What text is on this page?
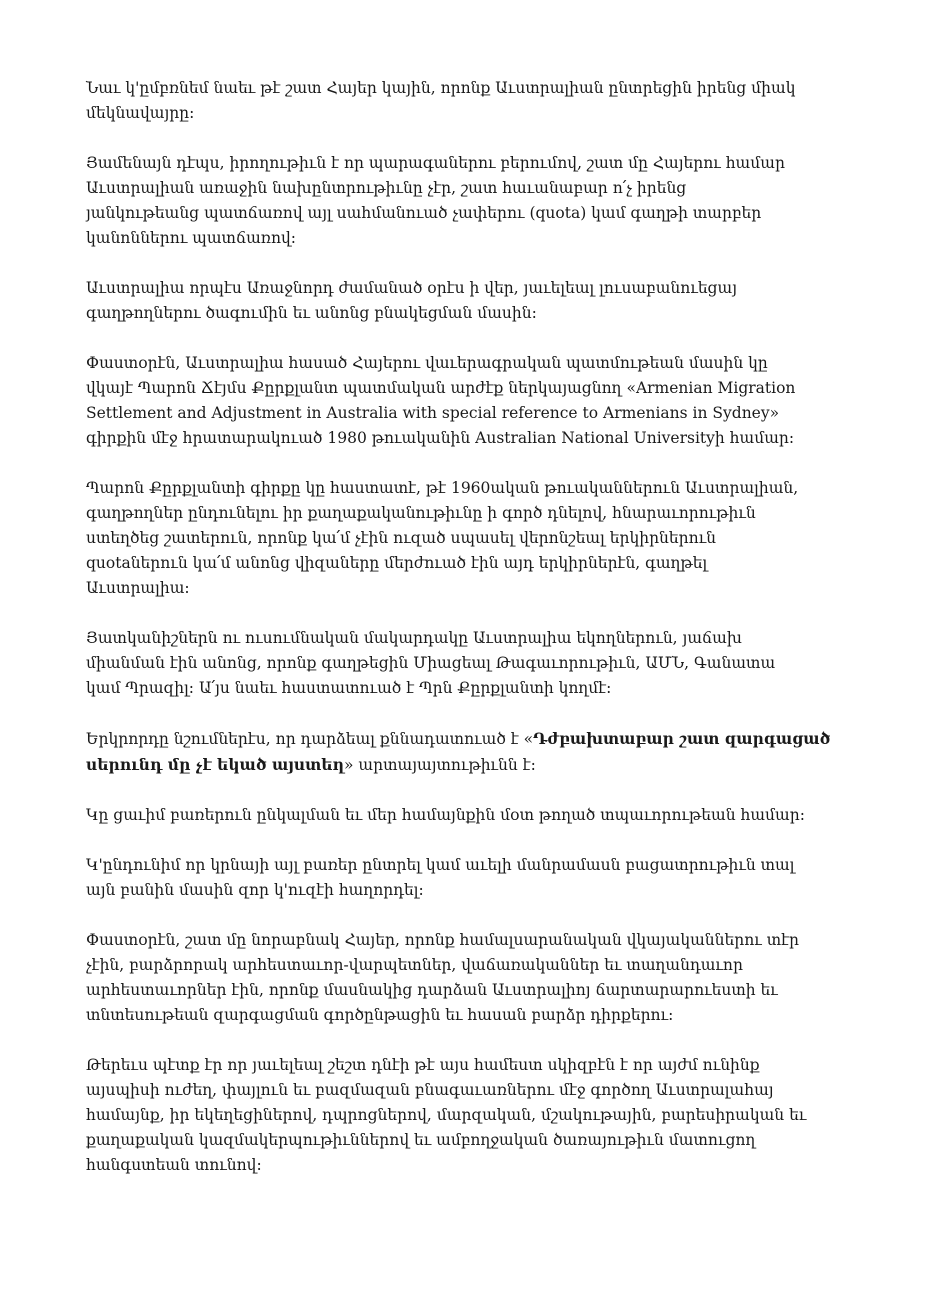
Նաւ կ'ըմբռնեմ նաեւ թէ շատ Հայեր կային, որոնք Աւստրալիան ընտրեցին իրենց միակ
մեկնավայրը:
Յամենայն դէպս, իրողութիւն է որ պարագաներու բերումով, շատ մը Հայերու համար
Աւստրալիան առաջին նախընտրութիւնը չէր, շատ հաւանաբար ո՛չ իրենց
յանկութեանց պատճառով այլ սահմանուած չափերու (quota) կամ գաղթի տարբեր
կանոններու պատճառով:
Աւստրալիա որպէս Առաջնորդ ժամանած օրէս ի վեր, յաւելեալ լուսաբանուեցայ
գաղթողներու ծագումին եւ անոնց բնակեցման մասին:
Փաստօրէն, Աւստրալիա հասած Հայերու վաւերագրական պատմութեան մասին կը
վկայէ Պարոն Ճէյմս Քըրքլանտ պատմական արժէք ներկայացնող «Armenian Migration
Settlement and Adjustment in Australia with special reference to Armenians in Sydney»
գիրքին մէջ հրատարակուած 1980 թուականին Australian National Universityի համար:
Պարոն Քըրքլանտի գիրքը կը հաստատէ, թէ 1960ական թուականներուն Աւստրալիան,
գաղթողներ ընդունելու իր քաղաքականութիւնը ի գործ դնելով, հնարաւորութիւն
ստեղծեց շատերուն, որոնք կա՛մ չէին ուզած սպասել վերոնշեալ երկիրներուն
quotaներուն կա՛մ անոնց վիզաները մերժուած էին այդ երկիրներէն, գաղթել
Աւստրալիա:
Յատկանիշներն ու ուսումնական մակարդակը Աւստրալիա եկողներուն, յաճախ
միանման էին անոնց, որոնք գաղթեցին Միացեալ Թագաւորութիւն, ԱՄՆ, Գանատա
կամ Պրազիլ: Ա՛յս նաեւ հաստատուած է Պրն Քըրքլանտի կողմէ:
Երկրորդը նշումներէս, որ դարձեալ քննադատուած է «Դժբախտաբար շատ զարգացած
սերունդ մը չէ եկած այստեղ» արտայայտութիւնն է:
Կը ցաւիմ բառերուն ընկալման եւ մեր համայնքին մօտ թողած տպաւորութեան համար:
Կ'ընդունիմ որ կրնայի այլ բառեր ընտրել կամ աւելի մանրամասն բացատրութիւն տալ
այն բանին մասին զոր կ'ուզէի հաղորդել:
Փաստօրէն, շատ մը նորաբնակ Հայեր, որոնք համալսարանական վկայականներու տէր
չէին, բարձրորակ արհեստաւոր-վարպետներ, վաճառականներ եւ տաղանդաւոր
արհեստաւորներ էին, որոնք մասնակից դարձան Աւստրալիոյ ճարտարարուեստի եւ
տնտեսութեան զարգացման գործընթացին եւ հասան բարձր դիրքերու:
Թերեւս պէտք էր որ յաւելեալ շեշտ դնէի թէ այս համեստ սկիզբէն է որ այժմ ունինք
այսպիսի ուժեղ, փայլուն եւ բազմազան բնագաւառներու մէջ գործող Աւստրալահայ
համայնք, իր եկեղեցիներով, դպրոցներով, մարզական, մշակութային, բարեսիրական եւ
քաղաքական կազմակերպութիւններով եւ ամբողջական ծառայութիւն մատուցող
հանգստեան տունով:
